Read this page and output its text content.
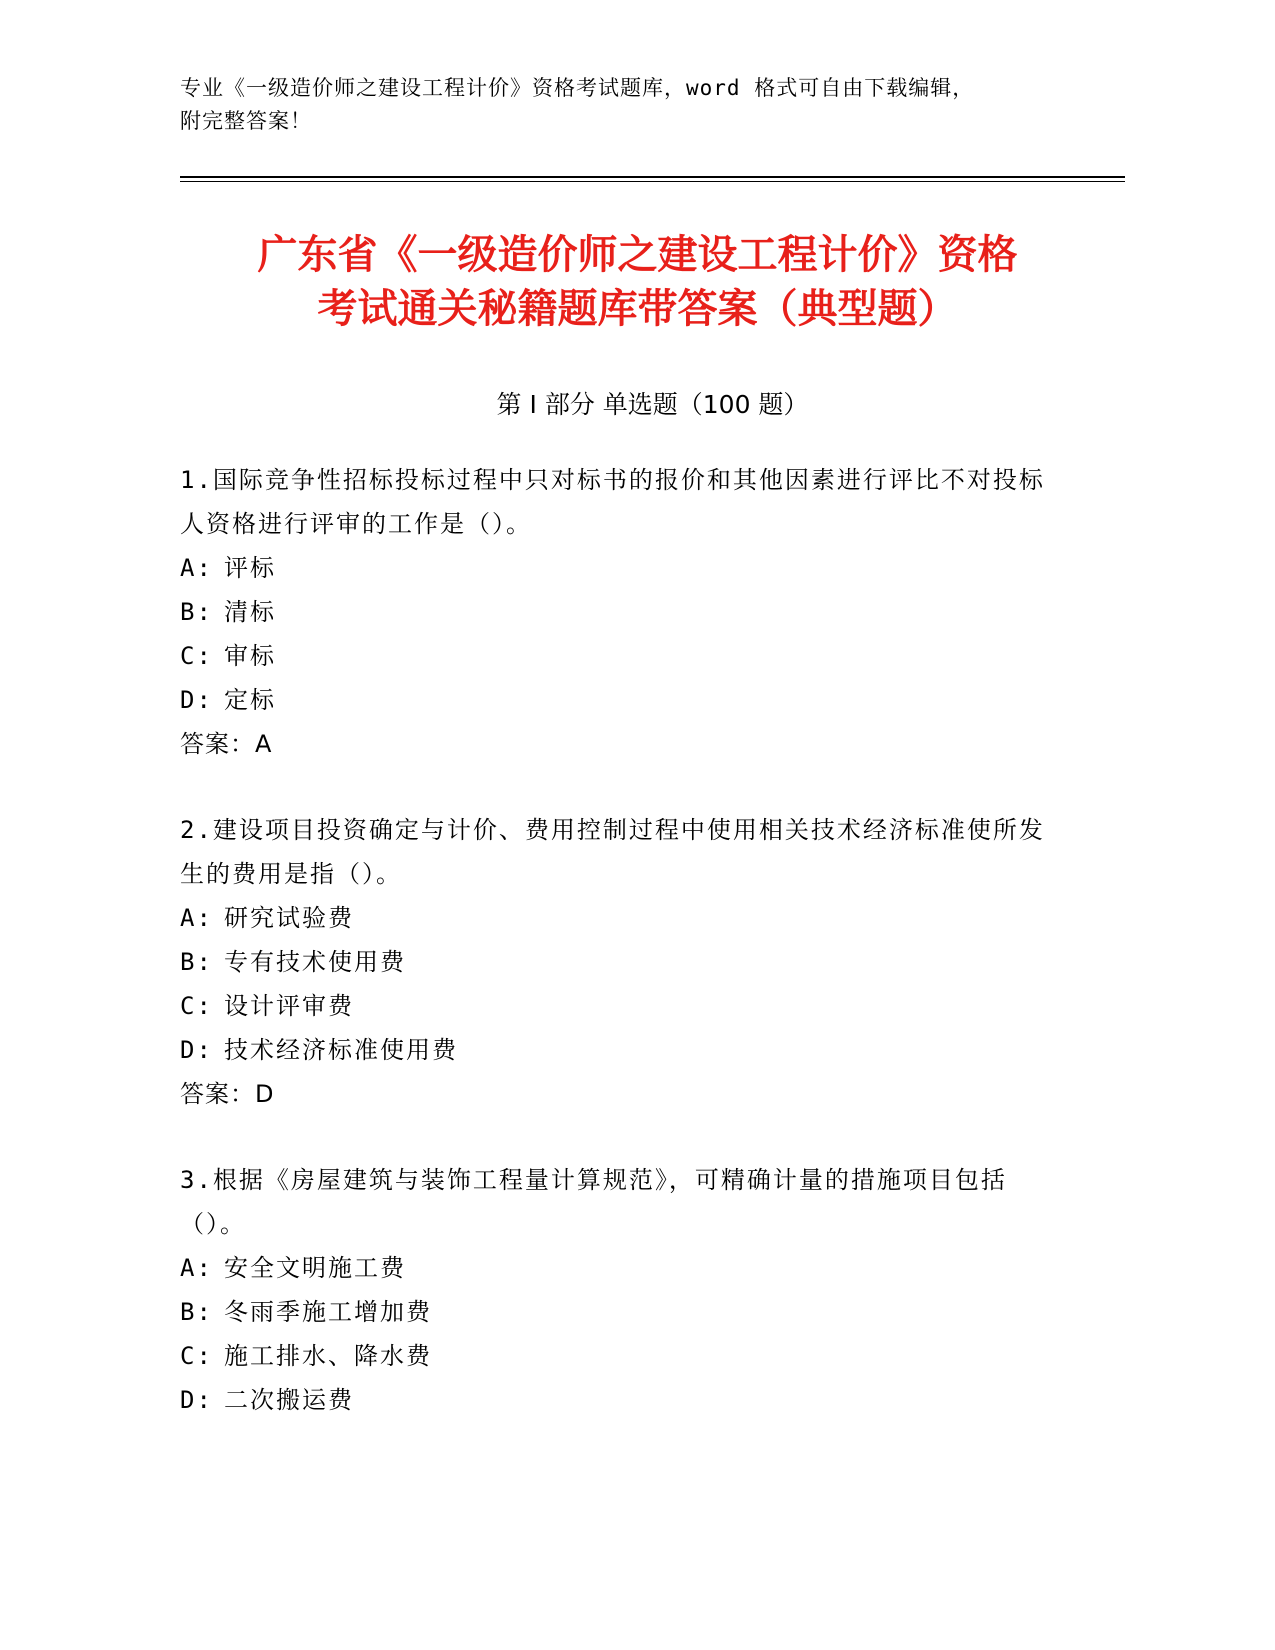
专业《一级造价师之建设工程计价》资格考试题库，word 格式可自由下载编辑，
附完整答案！
广东省《一级造价师之建设工程计价》资格
考试通关秘籍题库带答案（典型题）
第 I 部分 单选题（100 题）
1.国际竞争性招标投标过程中只对标书的报价和其他因素进行评比不对投标人资格进行评审的工作是（）。
A: 评标
B: 清标
C: 审标
D: 定标
答案：A
2.建设项目投资确定与计价、费用控制过程中使用相关技术经济标准使所发生的费用是指（）。
A: 研究试验费
B: 专有技术使用费
C: 设计评审费
D: 技术经济标准使用费
答案：D
3.根据《房屋建筑与装饰工程量计算规范》，可精确计量的措施项目包括（）。
A: 安全文明施工费
B: 冬雨季施工增加费
C: 施工排水、降水费
D: 二次搬运费
